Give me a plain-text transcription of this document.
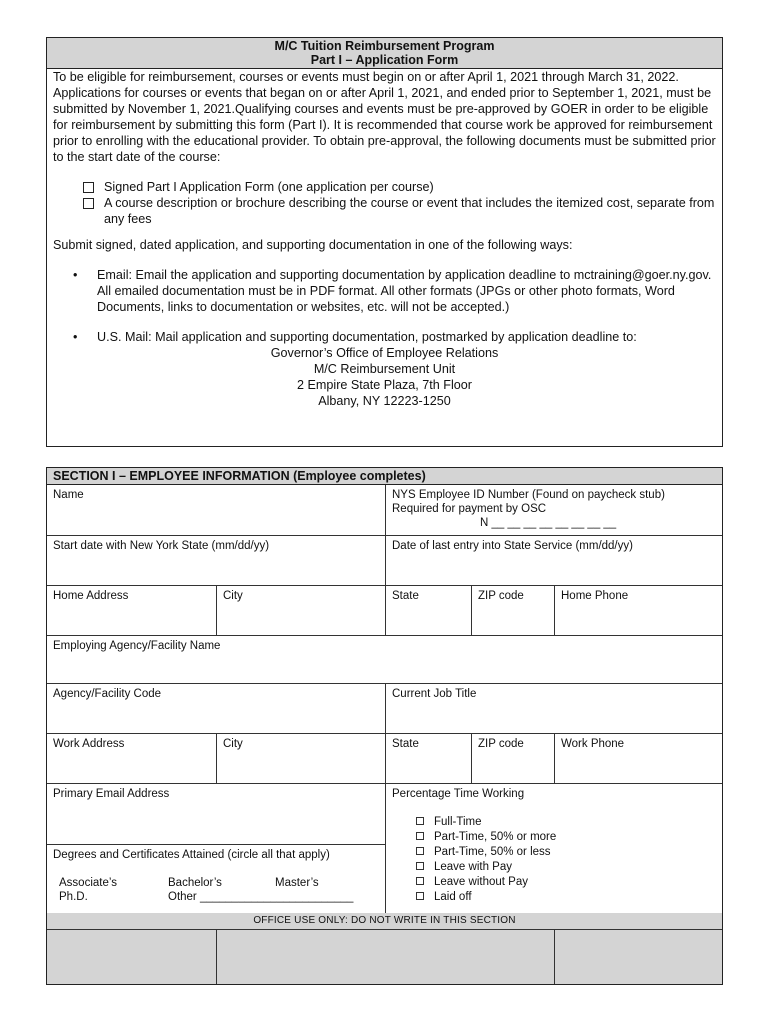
M/C Tuition Reimbursement Program
Part I – Application Form

To be eligible for reimbursement, courses or events must begin on or after April 1, 2021 through March 31, 2022. Applications for courses or events that began on or after April 1, 2021, and ended prior to September 1, 2021, must be submitted by November 1, 2021.Qualifying courses and events must be pre-approved by GOER in order to be eligible for reimbursement by submitting this form (Part I). It is recommended that course work be approved for reimbursement prior to enrolling with the educational provider. To obtain pre-approval, the following documents must be submitted prior to the start date of the course:

Signed Part I Application Form (one application per course)
A course description or brochure describing the course or event that includes the itemized cost, separate from any fees

Submit signed, dated application, and supporting documentation in one of the following ways:

•	Email: Email the application and supporting documentation by application deadline to mctraining@goer.ny.gov. All emailed documentation must be in PDF format. All other formats (JPGs or other photo formats, Word Documents, links to documentation or websites, etc. will not be accepted.)
•	U.S. Mail: Mail application and supporting documentation, postmarked by application deadline to:
Governor’s Office of Employee Relations
M/C Reimbursement Unit
2 Empire State Plaza, 7th Floor
Albany, NY 12223-1250
SECTION I – EMPLOYEE INFORMATION (Employee completes)
Name	NYS Employee ID Number (Found on paycheck stub)
Required for payment by OSC
N __ __ __ __ __ __ __ __
Start date with New York State (mm/dd/yy)	Date of last entry into State Service (mm/dd/yy)
Home Address	City	State	ZIP code	Home Phone
Employing Agency/Facility Name
Agency/Facility Code	Current Job Title
Work Address	City	State	ZIP code	Work Phone
Primary Email Address	Percentage Time Working
Full-Time
Part-Time, 50% or more
Part-Time, 50% or less
Leave with Pay
Leave without Pay
Laid off
Degrees and Certificates Attained (circle all that apply)
Associate’s	Bachelor’s	Master’s
Ph.D.	Other ________________________
OFFICE USE ONLY: DO NOT WRITE IN THIS SECTION
